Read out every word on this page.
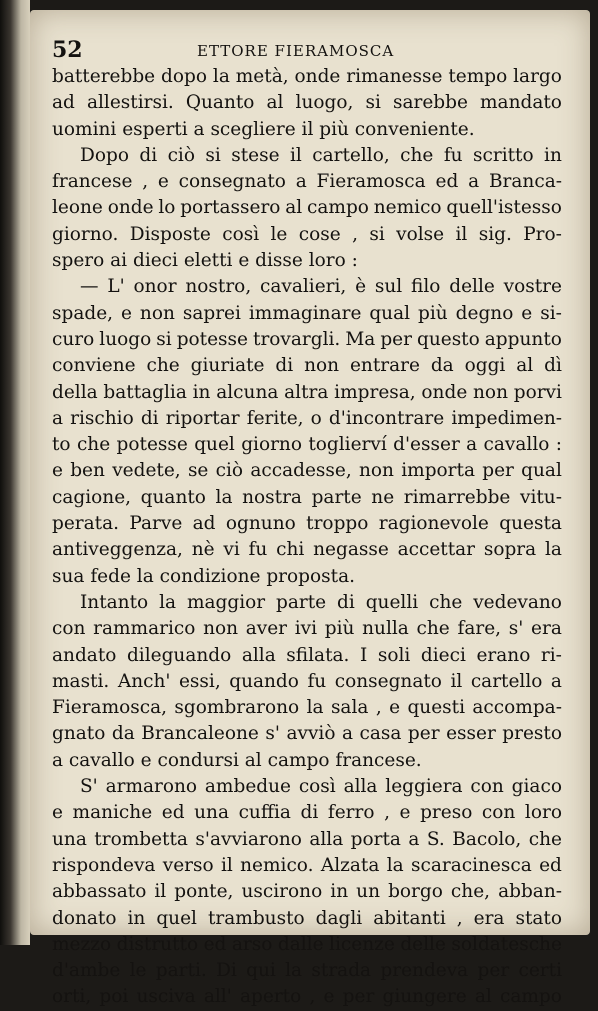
52	ETTORE FIERAMOSCA
batterebbe dopo la metà, onde rimanesse tempo largo
ad allestirsi. Quanto al luogo, si sarebbe mandato
uomini esperti a scegliere il più conveniente.
Dopo di ciò si stese il cartello, che fu scritto in
francese , e consegnato a Fieramosca ed a Branca-
leone onde lo portassero al campo nemico quell'istesso
giorno. Disposte così le cose , si volse il sig. Pro-
spero ai dieci eletti e disse loro :
— L' onor nostro, cavalieri, è sul filo delle vostre
spade, e non saprei immaginare qual più degno e si-
curo luogo si potesse trovargli. Ma per questo appunto
conviene che giuriate di non entrare da oggi al dì
della battaglia in alcuna altra impresa, onde non porvi
a rischio di riportar ferite, o d'incontrare impedimen-
to che potesse quel giorno toglierví d'esser a cavallo :
e ben vedete, se ciò accadesse, non importa per qual
cagione, quanto la nostra parte ne rimarrebbe vitu-
perata. Parve ad ognuno troppo ragionevole questa
antiveggenza, nè vi fu chi negasse accettar sopra la
sua fede la condizione proposta.
Intanto la maggior parte di quelli che vedevano
con rammarico non aver ivi più nulla che fare, s' era
andato dileguando alla sfilata. I soli dieci erano ri-
masti. Anch' essi, quando fu consegnato il cartello a
Fieramosca, sgombrarono la sala , e questi accompa-
gnato da Brancaleone s' avviò a casa per esser presto
a cavallo e condursi al campo francese.
S' armarono ambedue così alla leggiera con giaco
e maniche ed una cuffia di ferro , e preso con loro
una trombetta s'avviarono alla porta a S. Bacolo, che
rispondeva verso il nemico. Alzata la scaracinesca ed
abbassato il ponte, uscirono in un borgo che, abban-
donato in quel trambusto dagli abitanti , era stato
mezzo distrutto ed arso dalle licenze delle soldatesche
d'ambe le parti. Di qui la strada prendeva per certi
orti, poi usciva all' aperto , e per giungere al campo
